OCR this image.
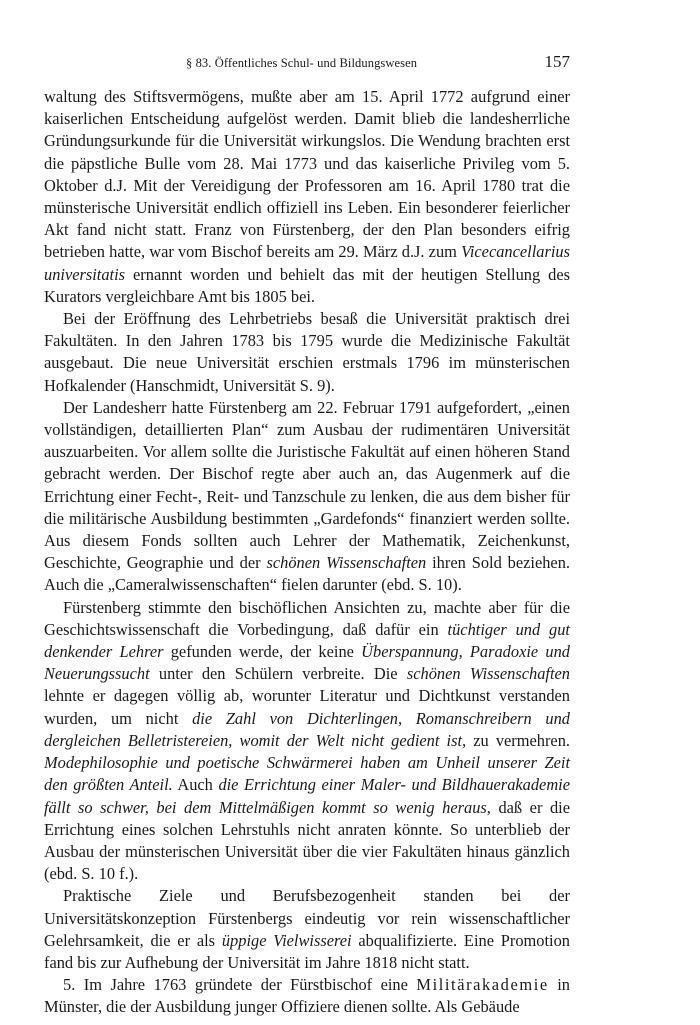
§ 83. Öffentliches Schul- und Bildungswesen	157

waltung des Stiftsvermögens, mußte aber am 15. April 1772 aufgrund einer kaiserlichen Entscheidung aufgelöst werden. Damit blieb die landesherrliche Gründungsurkunde für die Universität wirkungslos. Die Wendung brachten erst die päpstliche Bulle vom 28. Mai 1773 und das kaiserliche Privileg vom 5. Oktober d.J. Mit der Vereidigung der Professoren am 16. April 1780 trat die münsterische Universität endlich offiziell ins Leben. Ein besonderer feierlicher Akt fand nicht statt. Franz von Fürstenberg, der den Plan besonders eifrig betrieben hatte, war vom Bischof bereits am 29. März d.J. zum Vicecancellarius universitatis ernannt worden und behielt das mit der heutigen Stellung des Kurators vergleichbare Amt bis 1805 bei.

Bei der Eröffnung des Lehrbetriebs besaß die Universität praktisch drei Fakultäten. In den Jahren 1783 bis 1795 wurde die Medizinische Fakultät ausgebaut. Die neue Universität erschien erstmals 1796 im münsterischen Hofkalender (Hanschmidt, Universität S. 9).

Der Landesherr hatte Fürstenberg am 22. Februar 1791 aufgefordert, „einen vollständigen, detaillierten Plan“ zum Ausbau der rudimentären Universität auszuarbeiten. Vor allem sollte die Juristische Fakultät auf einen höheren Stand gebracht werden. Der Bischof regte aber auch an, das Augenmerk auf die Errichtung einer Fecht-, Reit- und Tanzschule zu lenken, die aus dem bisher für die militärische Ausbildung bestimmten „Gardefonds“ finanziert werden sollte. Aus diesem Fonds sollten auch Lehrer der Mathematik, Zeichenkunst, Geschichte, Geographie und der schönen Wissenschaften ihren Sold beziehen. Auch die „Cameralwissenschaften“ fielen darunter (ebd. S. 10).

Fürstenberg stimmte den bischöflichen Ansichten zu, machte aber für die Geschichtswissenschaft die Vorbedingung, daß dafür ein tüchtiger und gut denkender Lehrer gefunden werde, der keine Überspannung, Paradoxie und Neuerungssucht unter den Schülern verbreite. Die schönen Wissenschaften lehnte er dagegen völlig ab, worunter Literatur und Dichtkunst verstanden wurden, um nicht die Zahl von Dichterlingen, Romanschreibern und dergleichen Belletristereien, womit der Welt nicht gedient ist, zu vermehren. Modephilosophie und poetische Schwärmerei haben am Unheil unserer Zeit den größten Anteil. Auch die Errichtung einer Maler- und Bildhauerakademie fällt so schwer, bei dem Mittelmäßigen kommt so wenig heraus, daß er die Errichtung eines solchen Lehrstuhls nicht anraten könnte. So unterblieb der Ausbau der münsterischen Universität über die vier Fakultäten hinaus gänzlich (ebd. S. 10 f.).

Praktische Ziele und Berufsbezogenheit standen bei der Universitätskonzeption Fürstenbergs eindeutig vor rein wissenschaftlicher Gelehrsamkeit, die er als üppige Vielwisserei abqualifizierte. Eine Promotion fand bis zur Aufhebung der Universität im Jahre 1818 nicht statt.

5. Im Jahre 1763 gründete der Fürstbischof eine Militärakademie in Münster, die der Ausbildung junger Offiziere dienen sollte. Als Gebäude
